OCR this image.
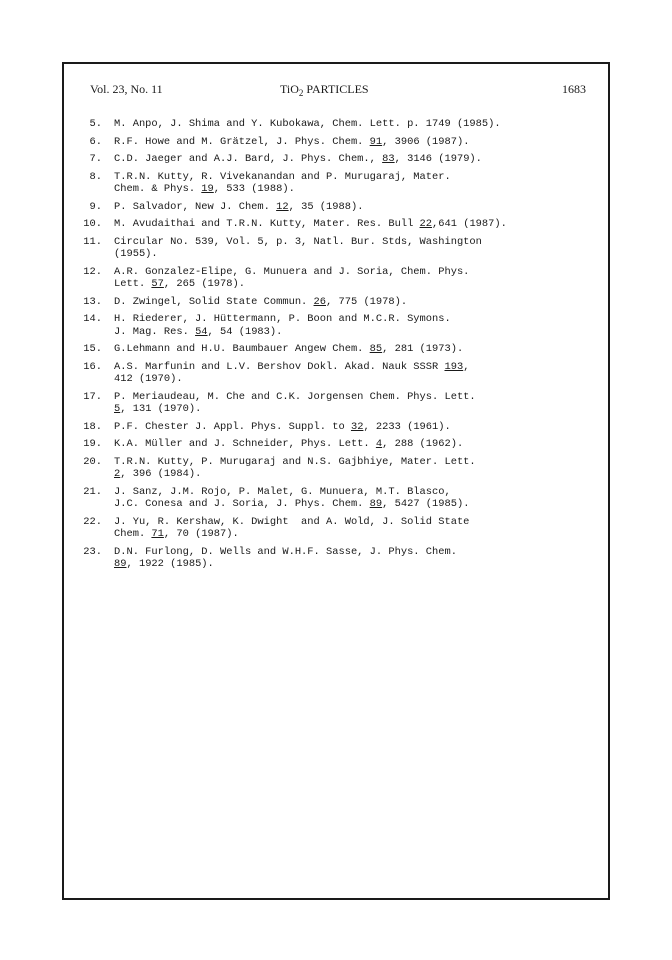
Vol. 23, No. 11	TiO$_2$ PARTICLES	1683
5. M. Anpo, J. Shima and Y. Kubokawa, Chem. Lett. p. 1749 (1985).
6. R.F. Howe and M. Grätzel, J. Phys. Chem. 91, 3906 (1987).
7. C.D. Jaeger and A.J. Bard, J. Phys. Chem., 83, 3146 (1979).
8. T.R.N. Kutty, R. Vivekanandan and P. Murugaraj, Mater.
Chem. & Phys. 19, 533 (1988).
9. P. Salvador, New J. Chem. 12, 35 (1988).
10. M. Avudaithai and T.R.N. Kutty, Mater. Res. Bull 22,641 (1987).
11. Circular No. 539, Vol. 5, p. 3, Natl. Bur. Stds, Washington
(1955).
12. A.R. Gonzalez-Elipe, G. Munuera and J. Soria, Chem. Phys.
Lett. 57, 265 (1978).
13. D. Zwingel, Solid State Commun. 26, 775 (1978).
14. H. Riederer, J. Hüttermann, P. Boon and M.C.R. Symons.
J. Mag. Res. 54, 54 (1983).
15. G.Lehmann and H.U. Baumbauer Angew Chem. 85, 281 (1973).
16. A.S. Marfunin and L.V. Bershov Dokl. Akad. Nauk SSSR 193,
412 (1970).
17. P. Meriaudeau, M. Che and C.K. Jorgensen Chem. Phys. Lett.
5, 131 (1970).
18. P.F. Chester J. Appl. Phys. Suppl. to 32, 2233 (1961).
19. K.A. Müller and J. Schneider, Phys. Lett. 4, 288 (1962).
20. T.R.N. Kutty, P. Murugaraj and N.S. Gajbhiye, Mater. Lett.
2, 396 (1984).
21. J. Sanz, J.M. Rojo, P. Malet, G. Munuera, M.T. Blasco,
J.C. Conesa and J. Soria, J. Phys. Chem. 89, 5427 (1985).
22. J. Yu, R. Kershaw, K. Dwight  and A. Wold, J. Solid State
Chem. 71, 70 (1987).
23. D.N. Furlong, D. Wells and W.H.F. Sasse, J. Phys. Chem.
89, 1922 (1985).
